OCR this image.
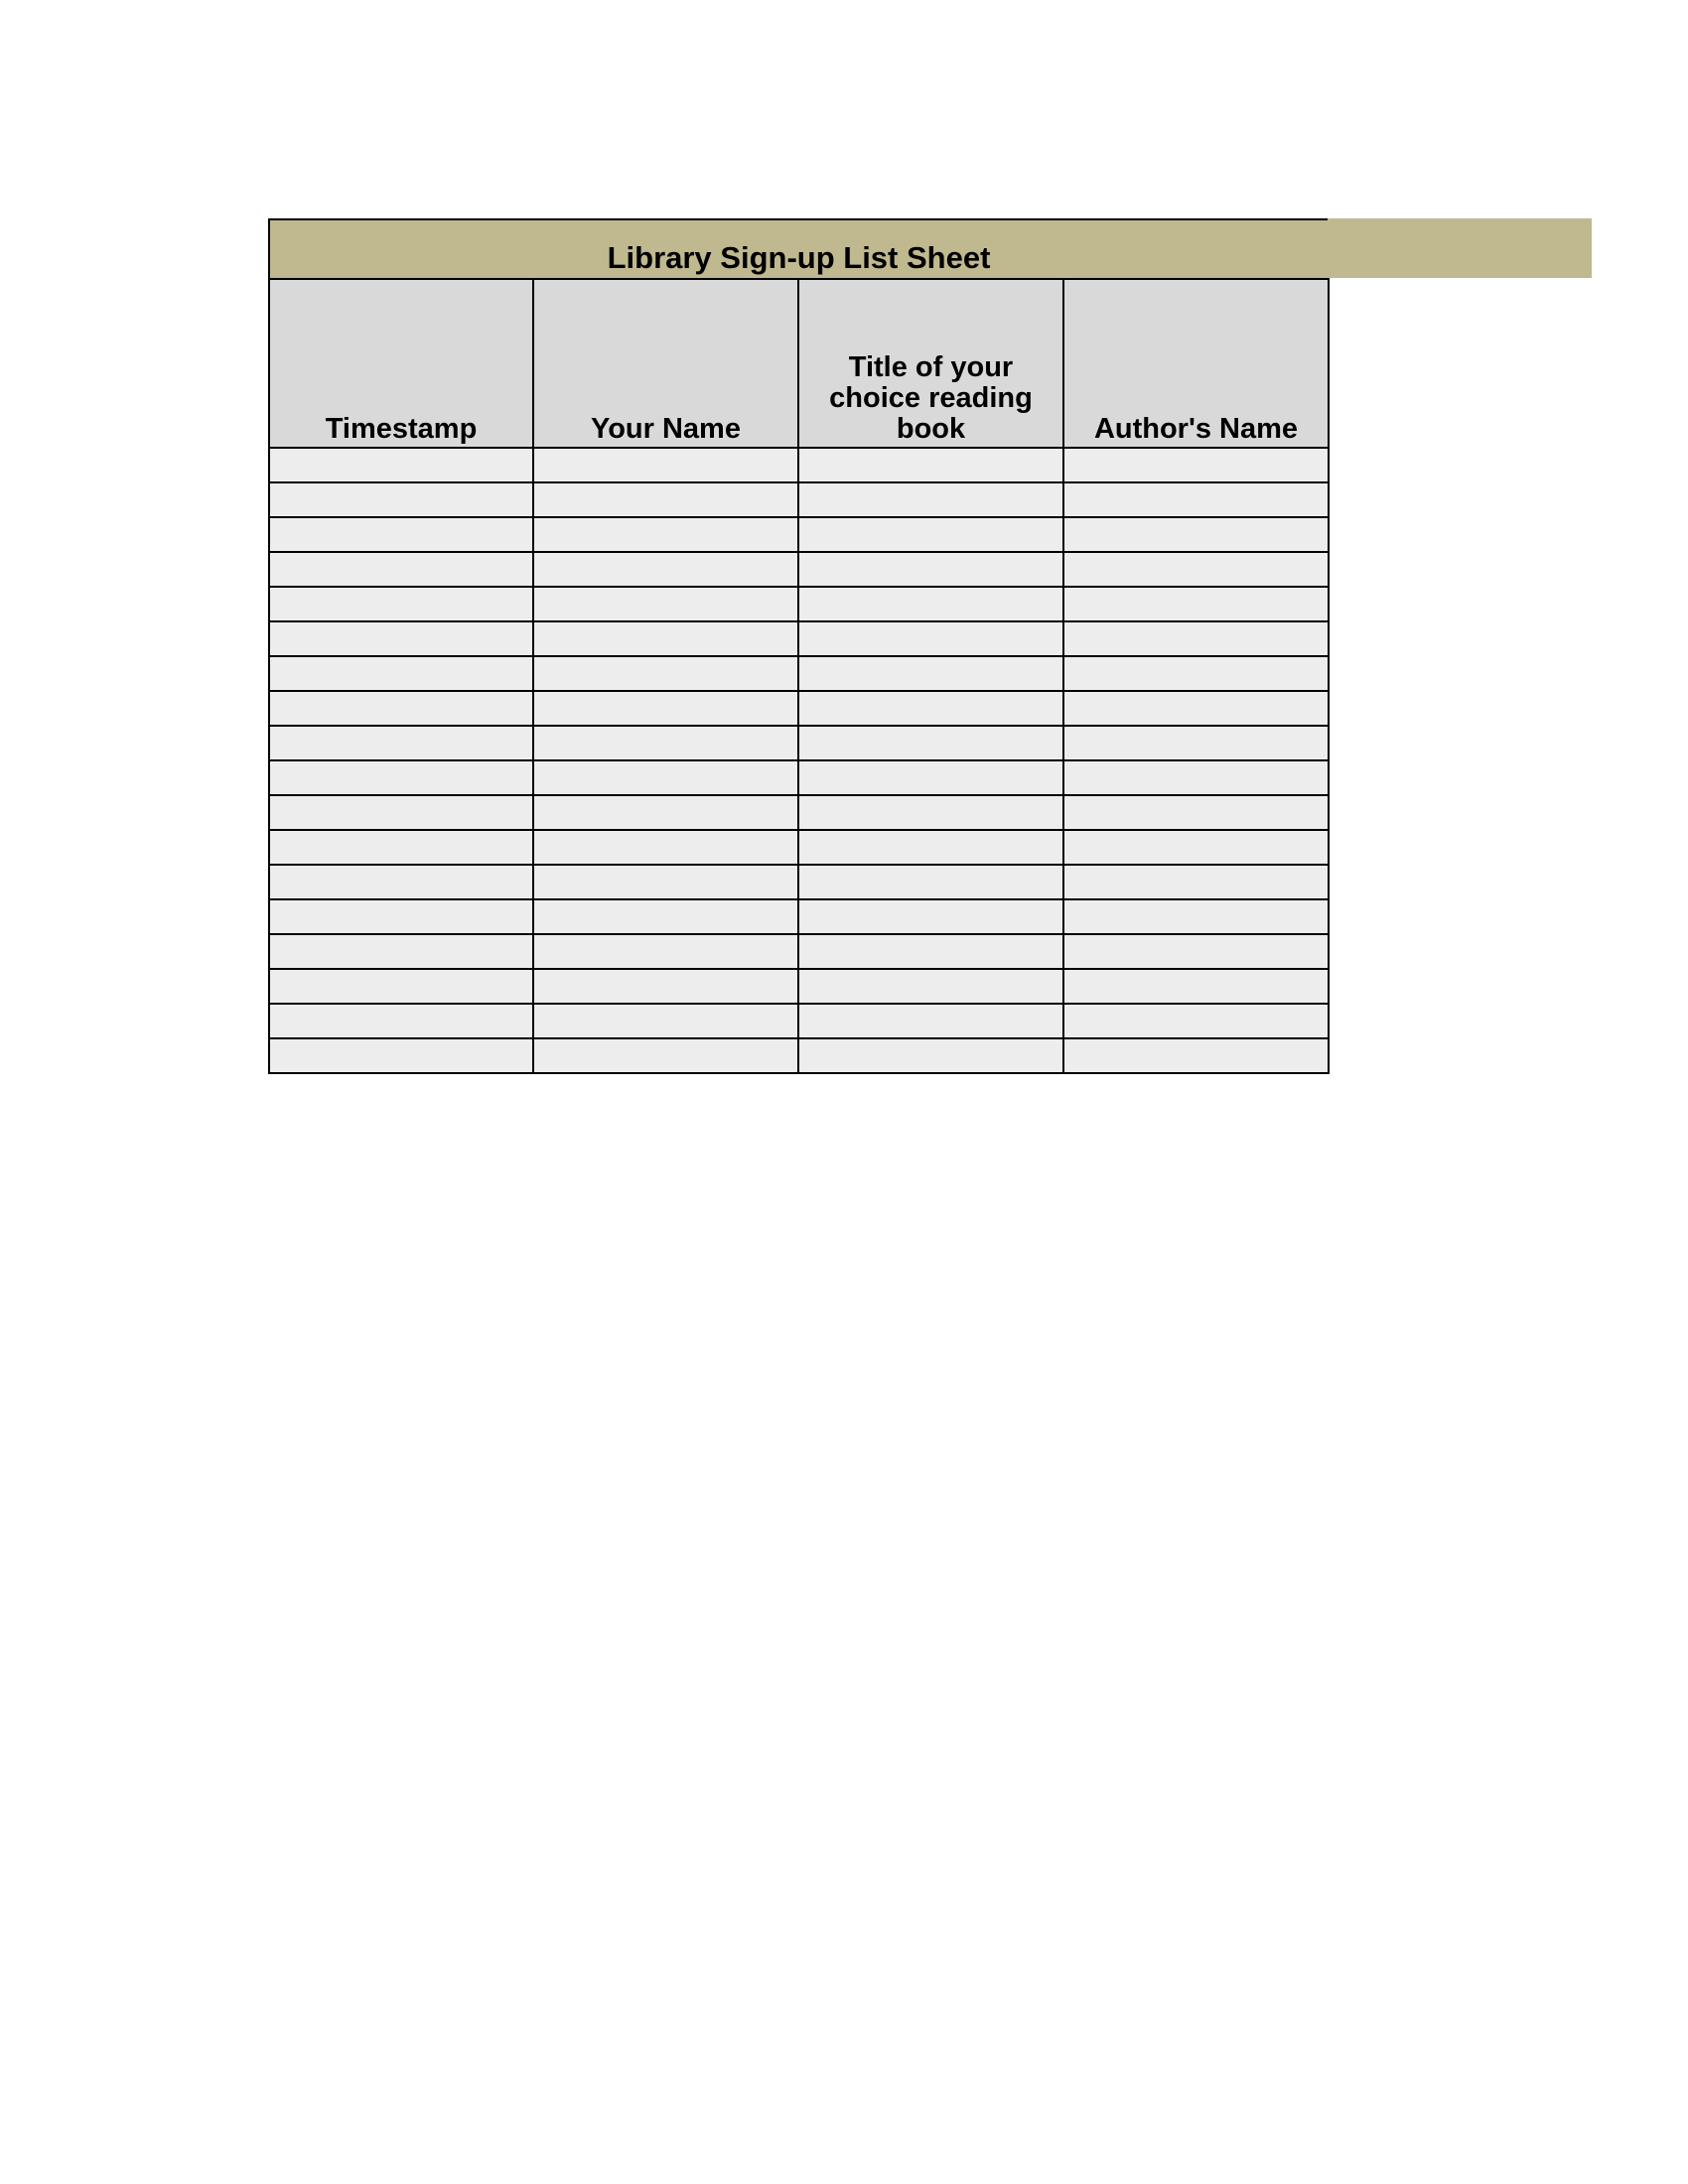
Library Sign-up List Sheet
Timestamp	Your Name	Title of your choice reading book	Author's Name
